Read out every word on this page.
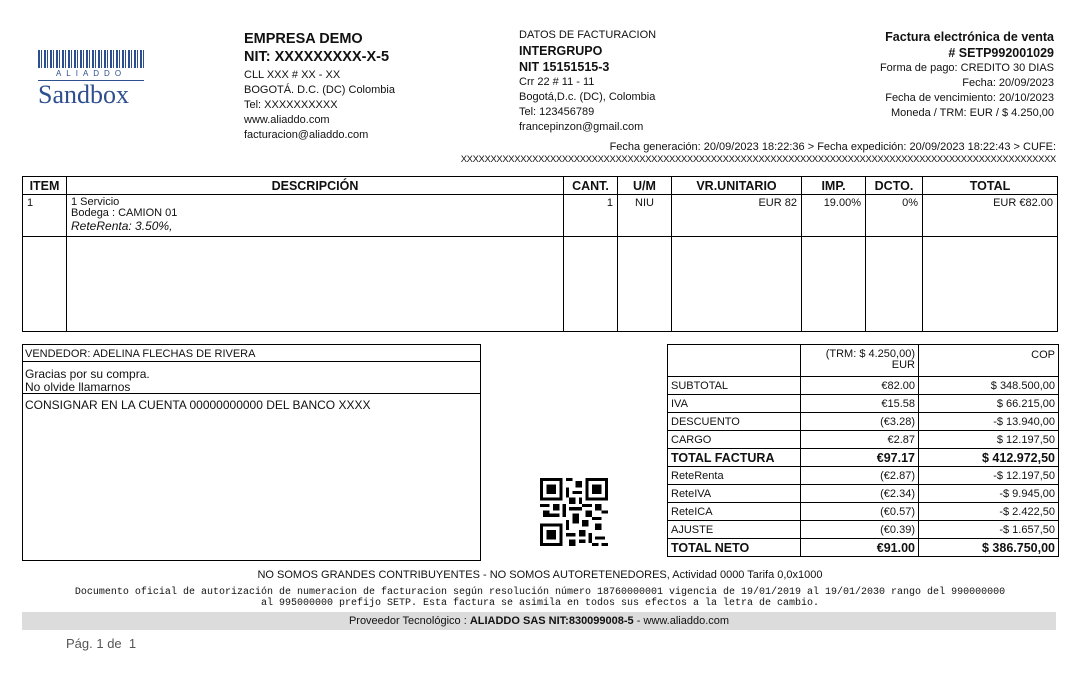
ALIADDO
Sandbox
EMPRESA DEMO
NIT: XXXXXXXXX-X-5
CLL XXX # XX - XX
BOGOTÁ. D.C. (DC) Colombia
Tel: XXXXXXXXXX
www.aliaddo.com
facturacion@aliaddo.com
DATOS DE FACTURACION
INTERGRUPO
NIT 15151515-3
Crr 22 # 11 - 11
Bogotá,D.c. (DC), Colombia
Tel: 123456789
francepinzon@gmail.com
Factura electrónica de venta
# SETP992001029
Forma de pago: CREDITO 30 DIAS
Fecha: 20/09/2023
Fecha de vencimiento: 20/10/2023
Moneda / TRM: EUR / $ 4.250,00
Fecha generación: 20/09/2023 18:22:36 > Fecha expedición: 20/09/2023 18:22:43 > CUFE:
XXXXXXXXXXXXXXXXXXXXXXXXXXXXXXXXXXXXXXXXXXXXXXXXXXXXXXXXXXXXXXXXXXXXXXXXXXXXXXXXXXXXXXXXXXXXXXXXXXXX
ITEM	DESCRIPCIÓN	CANT.	U/M	VR.UNITARIO	IMP.	DCTO.	TOTAL
1	1 Servicio
Bodega : CAMION 01
ReteRenta: 3.50%,	1	NIU	EUR 82	19.00%	0%	EUR €82.00

VENDEDOR: ADELINA FLECHAS DE RIVERA
Gracias por su compra.
No olvide llamarnos
CONSIGNAR EN LA CUENTA 00000000000 DEL BANCO XXXX

	(TRM: $ 4.250,00)
EUR	COP
SUBTOTAL	€82.00	$ 348.500,00
IVA	€15.58	$ 66.215,00
DESCUENTO	(€3.28)	-$ 13.940,00
CARGO	€2.87	$ 12.197,50
TOTAL FACTURA	€97.17	$ 412.972,50
ReteRenta	(€2.87)	-$ 12.197,50
ReteIVA	(€2.34)	-$ 9.945,00
ReteICA	(€0.57)	-$ 2.422,50
AJUSTE	(€0.39)	-$ 1.657,50
TOTAL NETO	€91.00	$ 386.750,00
NO SOMOS GRANDES CONTRIBUYENTES - NO SOMOS AUTORETENEDORES, Actividad 0000 Tarifa 0,0x1000
Documento oficial de autorización de numeracion de facturacion según resolución número 18760000001 vigencia de 19/01/2019 al 19/01/2030 rango del 990000000
al 995000000 prefijo SETP. Esta factura se asimila en todos sus efectos a la letra de cambio.
Proveedor Tecnológico : ALIADDO SAS NIT:830099008-5 - www.aliaddo.com
Pág. 1 de  1
